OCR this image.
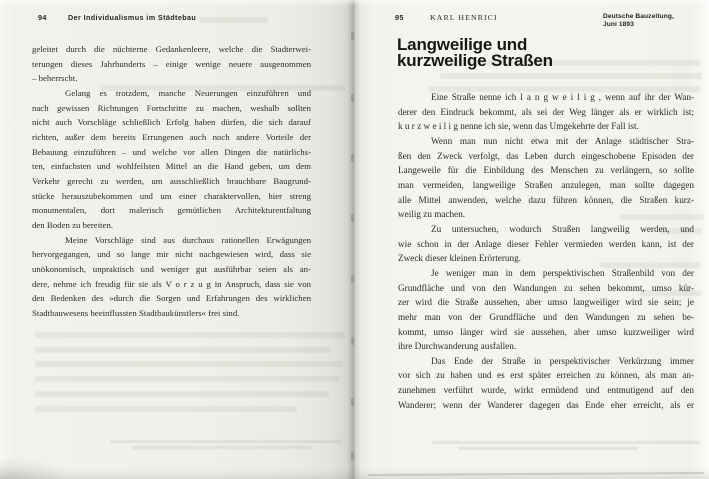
94	Der Individualismus im Städtebau
geleitet durch die nüchterne Gedankenleere, welche die Stadterwei-
terungen dieses Jahrhunderts – einige wenige neuere ausgenommen
– beherrscht.
Gelang es trotzdem, manche Neuerungen einzuführen und
nach gewissen Richtungen Fortschritte zu machen, weshalb sollten
nicht auch Vorschläge schließlich Erfolg haben dürfen, die sich darauf
richten, außer dem bereits Errungenen auch noch andere Vorteile der
Bebauung einzuführen – und welche vor allen Dingen die natürlichs-
ten, einfachsten und wohlfeilsten Mittel an die Hand geben, um dem
Verkehr gerecht zu werden, um ausschließlich brauchbare Baugrund-
stücke herauszubekommen und um einer charaktervollen, hier streng
monumentalen, dort malerisch gemütlichen Architekturentfaltung
den Boden zu bereiten.
Meine Vorschläge sind aus durchaus rationellen Erwägungen
hervorgegangen, und so lange mir nicht nachgewiesen wird, dass sie
unökonomisch, unpraktisch und weniger gut ausführbar seien als an-
dere, nehme ich freudig für sie als V o r z u g in Anspruch, dass sie von
den Bedenken des »durch die Sorgen und Erfahrungen des wirklichen
Stadtbauwesens beeinflussten Stadtbaukünstlers« frei sind.
95	KARL HENRICI	Deutsche Bauzeitung,
Juni 1893
Langweilige und
kurzweilige Straßen
Eine Straße nenne ich l a n g w e i l i g , wenn auf ihr der Wan-
derer den Eindruck bekommt, als sei der Weg länger als er wirklich ist;
k u r z w e i l i g nenne ich sie, wenn das Umgekehrte der Fall ist.
Wenn man nun nicht etwa mit der Anlage städtischer Stra-
ßen den Zweck verfolgt, das Leben durch eingeschobene Episoden der
Langeweile für die Einbildung des Menschen zu verlängern, so sollte
man vermeiden, langweilige Straßen anzulegen, man sollte dagegen
alle Mittel anwenden, welche dazu führen können, die Straßen kurz-
weilig zu machen.
Zu untersuchen, wodurch Straßen langweilig werden, und
wie schon in der Anlage dieser Fehler vermieden werden kann, ist der
Zweck dieser kleinen Erörterung.
Je weniger man in dem perspektivischen Straßenbild von der
Grundfläche und von den Wandungen zu sehen bekommt, umso kür-
zer wird die Straße aussehen, aber umso langweiliger wird sie sein; je
mehr man von der Grundfläche und den Wandungen zu sehen be-
kommt, umso länger wird sie aussehen, aber umso kurzweiliger wird
ihre Durchwanderung ausfallen.
Das Ende der Straße in perspektivischer Verkürzung immer
vor sich zu haben und es erst später erreichen zu können, als man an-
zunehmen verführt wurde, wirkt ermüdend und entmutigend auf den
Wanderer; wenn der Wanderer dagegen das Ende eher erreicht, als er
